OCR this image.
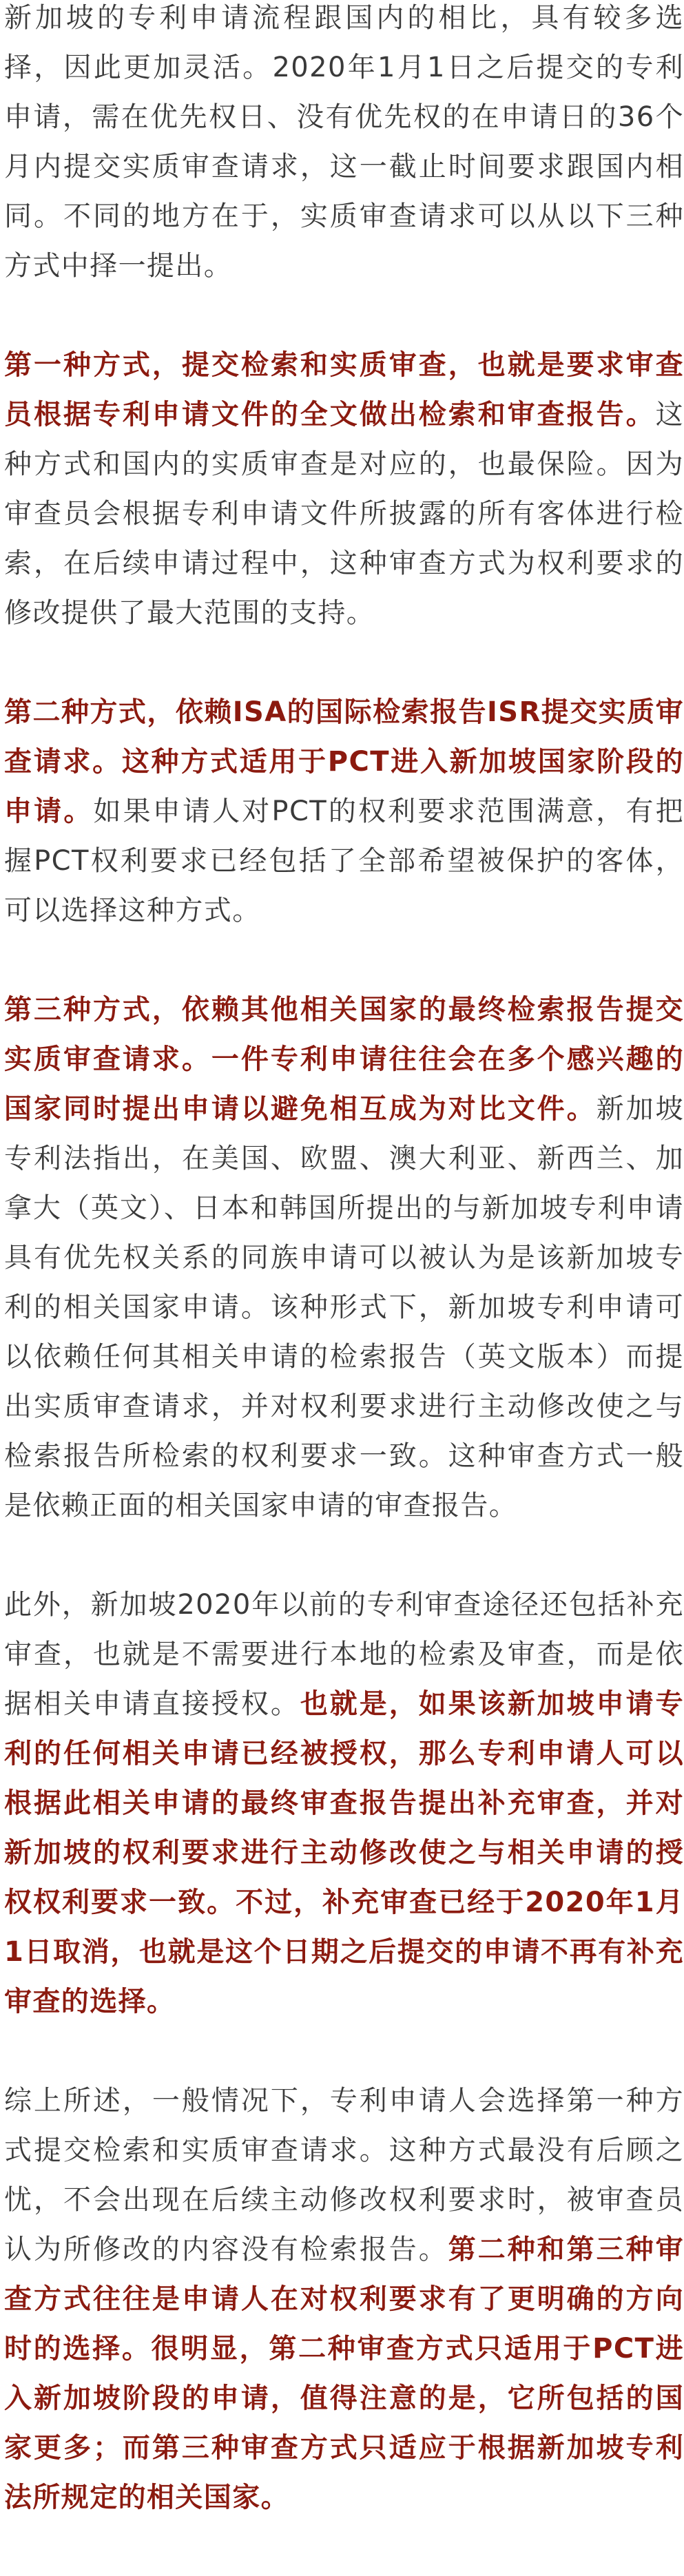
新加坡的专利申请流程跟国内的相比，具有较多选择，因此更加灵活。2020年1月1日之后提交的专利申请，需在优先权日、没有优先权的在申请日的36个月内提交实质审查请求，这一截止时间要求跟国内相同。不同的地方在于，实质审查请求可以从以下三种方式中择一提出。

第一种方式，提交检索和实质审查，也就是要求审查员根据专利申请文件的全文做出检索和审查报告。这种方式和国内的实质审查是对应的，也最保险。因为审查员会根据专利申请文件所披露的所有客体进行检索，在后续申请过程中，这种审查方式为权利要求的修改提供了最大范围的支持。

第二种方式，依赖ISA的国际检索报告ISR提交实质审查请求。这种方式适用于PCT进入新加坡国家阶段的申请。如果申请人对PCT的权利要求范围满意，有把握PCT权利要求已经包括了全部希望被保护的客体，可以选择这种方式。

第三种方式，依赖其他相关国家的最终检索报告提交实质审查请求。一件专利申请往往会在多个感兴趣的国家同时提出申请以避免相互成为对比文件。新加坡专利法指出，在美国、欧盟、澳大利亚、新西兰、加拿大（英文）、日本和韩国所提出的与新加坡专利申请具有优先权关系的同族申请可以被认为是该新加坡专利的相关国家申请。该种形式下，新加坡专利申请可以依赖任何其相关申请的检索报告（英文版本）而提出实质审查请求，并对权利要求进行主动修改使之与检索报告所检索的权利要求一致。这种审查方式一般是依赖正面的相关国家申请的审查报告。

此外，新加坡2020年以前的专利审查途径还包括补充审查，也就是不需要进行本地的检索及审查，而是依据相关申请直接授权。也就是，如果该新加坡申请专利的任何相关申请已经被授权，那么专利申请人可以根据此相关申请的最终审查报告提出补充审查，并对新加坡的权利要求进行主动修改使之与相关申请的授权权利要求一致。不过，补充审查已经于2020年1月1日取消，也就是这个日期之后提交的申请不再有补充审查的选择。

综上所述，一般情况下，专利申请人会选择第一种方式提交检索和实质审查请求。这种方式最没有后顾之忧，不会出现在后续主动修改权利要求时，被审查员认为所修改的内容没有检索报告。第二种和第三种审查方式往往是申请人在对权利要求有了更明确的方向时的选择。很明显，第二种审查方式只适用于PCT进入新加坡阶段的申请，值得注意的是，它所包括的国家更多；而第三种审查方式只适应于根据新加坡专利法所规定的相关国家。
